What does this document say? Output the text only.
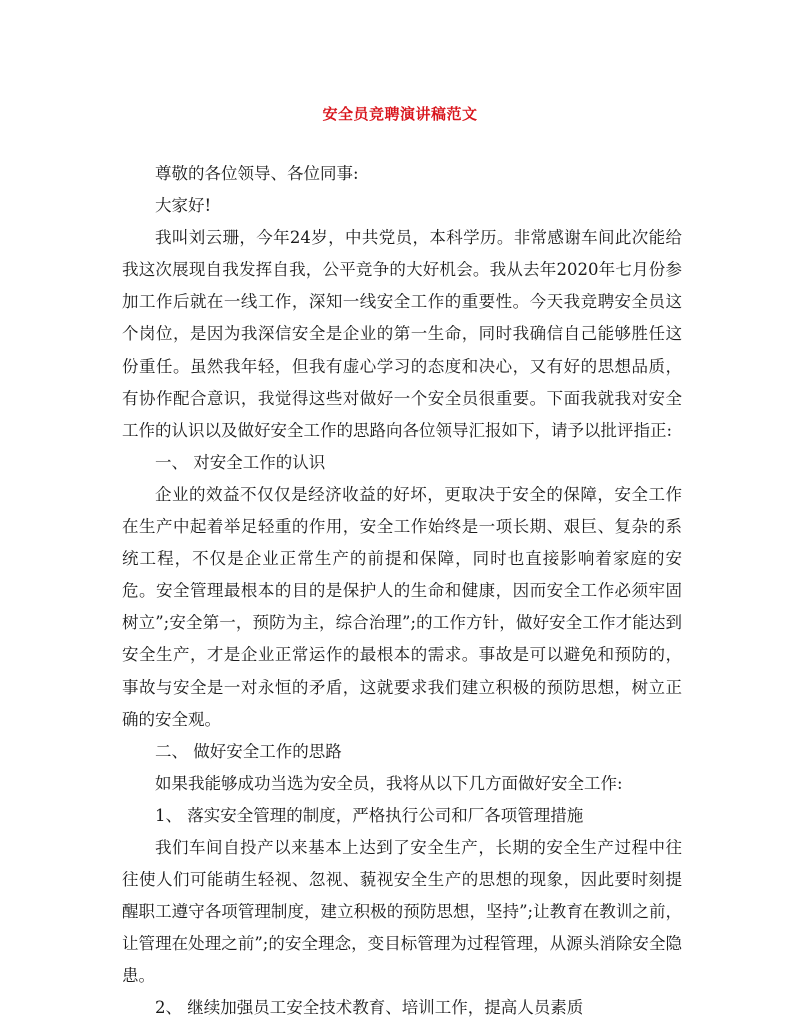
安全员竞聘演讲稿范文

尊敬的各位领导、各位同事:

大家好!

我叫刘云珊，今年24岁，中共党员，本科学历。非常感谢车间此次能给我这次展现自我发挥自我，公平竞争的大好机会。我从去年2020年七月份参加工作后就在一线工作，深知一线安全工作的重要性。今天我竞聘安全员这个岗位，是因为我深信安全是企业的第一生命，同时我确信自己能够胜任这份重任。虽然我年轻，但我有虚心学习的态度和决心，又有好的思想品质，有协作配合意识，我觉得这些对做好一个安全员很重要。下面我就我对安全工作的认识以及做好安全工作的思路向各位领导汇报如下，请予以批评指正:

一、 对安全工作的认识

企业的效益不仅仅是经济收益的好坏，更取决于安全的保障，安全工作在生产中起着举足轻重的作用，安全工作始终是一项长期、艰巨、复杂的系统工程，不仅是企业正常生产的前提和保障，同时也直接影响着家庭的安危。安全管理最根本的目的是保护人的生命和健康，因而安全工作必须牢固树立”;安全第一，预防为主，综合治理”;的工作方针，做好安全工作才能达到安全生产，才是企业正常运作的最根本的需求。事故是可以避免和预防的，事故与安全是一对永恒的矛盾，这就要求我们建立积极的预防思想，树立正确的安全观。

二、 做好安全工作的思路

如果我能够成功当选为安全员，我将从以下几方面做好安全工作:

1、 落实安全管理的制度，严格执行公司和厂各项管理措施

我们车间自投产以来基本上达到了安全生产，长期的安全生产过程中往往使人们可能萌生轻视、忽视、藐视安全生产的思想的现象，因此要时刻提醒职工遵守各项管理制度，建立积极的预防思想，坚持”;让教育在教训之前，让管理在处理之前”;的安全理念，变目标管理为过程管理，从源头消除安全隐患。

2、 继续加强员工安全技术教育、培训工作，提高人员素质
